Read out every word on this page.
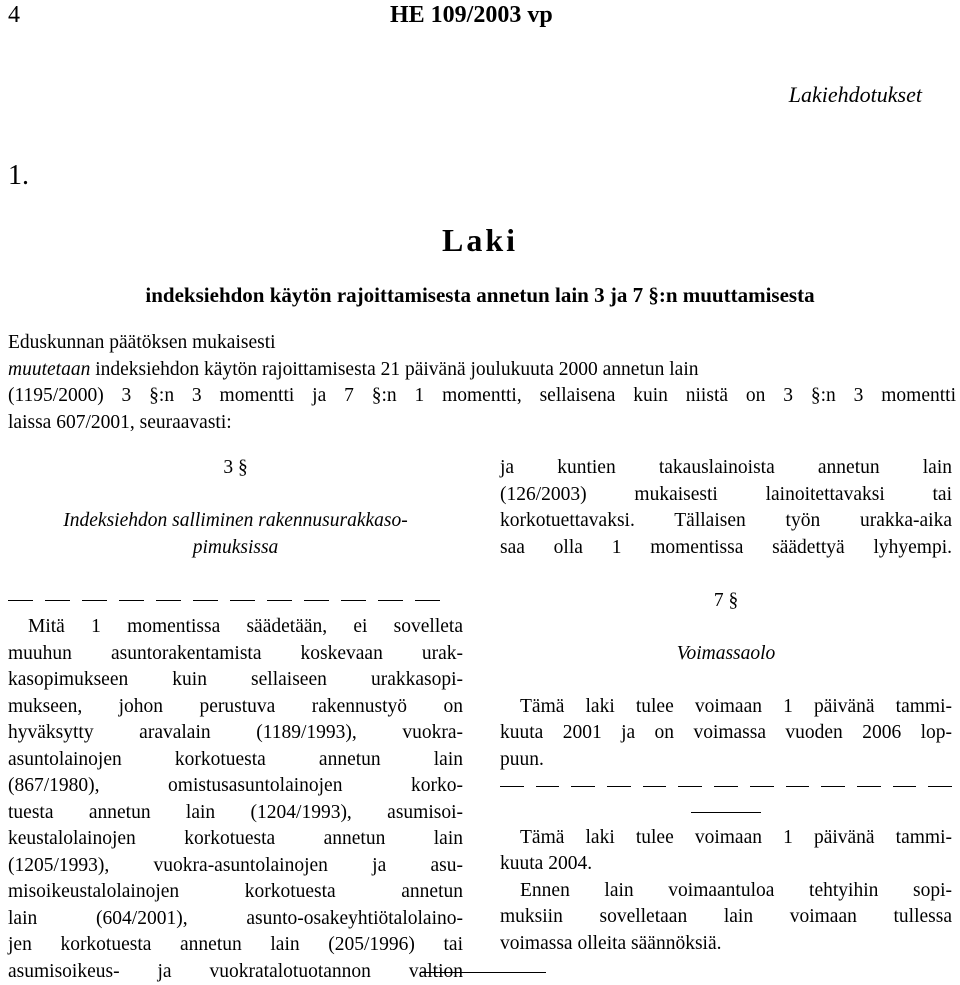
4	HE 109/2003 vp
Lakiehdotukset
1.
Laki
indeksiehdon käytön rajoittamisesta annetun lain 3 ja 7 §:n muuttamisesta
Eduskunnan päätöksen mukaisesti
muutetaan indeksiehdon käytön rajoittamisesta 21 päivänä joulukuuta 2000 annetun lain
(1195/2000) 3 §:n 3 momentti ja 7 §:n 1 momentti, sellaisena kuin niistä on 3 §:n 3 momentti
laissa 607/2001, seuraavasti:
3 §
Indeksiehdon salliminen rakennusurakkaso-
pimuksissa
Mitä 1 momentissa säädetään, ei sovelleta
muuhun asuntorakentamista koskevaan urak-
kasopimukseen kuin sellaiseen urakkasopi-
mukseen, johon perustuva rakennustyö on
hyväksytty aravalain (1189/1993), vuokra-
asuntolainojen korkotuesta annetun lain
(867/1980), omistusasuntolainojen korko-
tuesta annetun lain (1204/1993), asumisoi-
keustalolainojen korkotuesta annetun lain
(1205/1993), vuokra-asuntolainojen ja asu-
misoikeustalolainojen korkotuesta annetun
lain (604/2001), asunto-osakeyhtiötalolaino-
jen korkotuesta annetun lain (205/1996) tai
asumisoikeus- ja vuokratalotuotannon valtion
ja kuntien takauslainoista annetun lain
(126/2003) mukaisesti lainoitettavaksi tai
korkotuettavaksi. Tällaisen työn urakka-aika
saa olla 1 momentissa säädettyä lyhyempi.
7 §
Voimassaolo
Tämä laki tulee voimaan 1 päivänä tammi-
kuuta 2001 ja on voimassa vuoden 2006 lop-
puun.
Tämä laki tulee voimaan 1 päivänä tammi-
kuuta 2004.
Ennen lain voimaantuloa tehtyihin sopi-
muksiin sovelletaan lain voimaan tullessa
voimassa olleita säännöksiä.
